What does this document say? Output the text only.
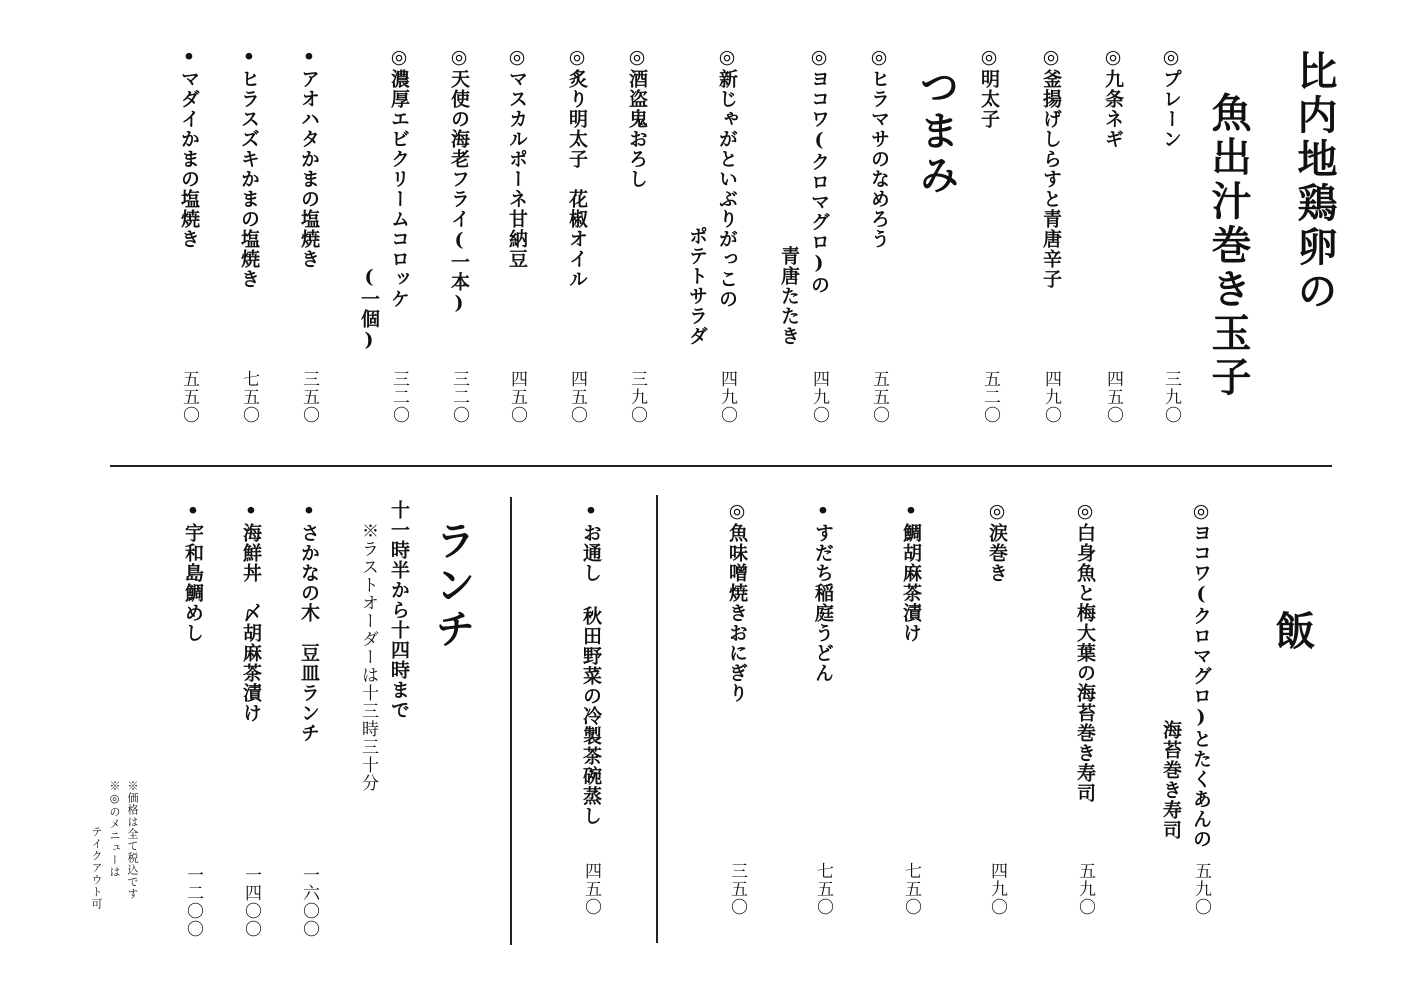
比内地鶏卵の
魚出汁巻き玉子
◎プレーン
三九〇
◎九条ネギ
四五〇
◎釜揚げしらすと青唐辛子
四九〇
◎明太子
五二〇
つまみ
◎ヒラマサのなめろう
五五〇
◎ヨコワ(クロマグロ)の
青唐たたき
四九〇
◎新じゃがといぶりがっこの
ポテトサラダ
四九〇
◎酒盗鬼おろし
三九〇
◎炙り明太子　花椒オイル
四五〇
◎マスカルポーネ甘納豆
四五〇
◎天使の海老フライ(一本)
三二〇
◎濃厚エビクリームコロッケ
(一個)
三二〇
•アオハタかまの塩焼き
三五〇
•ヒラスズキかまの塩焼き
七五〇
•マダイかまの塩焼き
五五〇
飯
◎ヨコワ(クロマグロ)とたくあんの
海苔巻き寿司
五九〇
◎白身魚と梅大葉の海苔巻き寿司
五九〇
◎涙巻き
四九〇
•鯛胡麻茶漬け
七五〇
•すだち稲庭うどん
七五〇
◎魚味噌焼きおにぎり
三五〇
•お通し 秋田野菜の冷製茶碗蒸し
四五〇
ランチ
十一時半から十四時まで
※ラストオーダーは十三時三十分
•さかなの木　豆皿ランチ
一六〇〇
•海鮮丼　〆胡麻茶漬け
一四〇〇
•宇和島鯛めし
一二〇〇
※価格は全て税込です
※◎のメニューは
テイクアウト可
